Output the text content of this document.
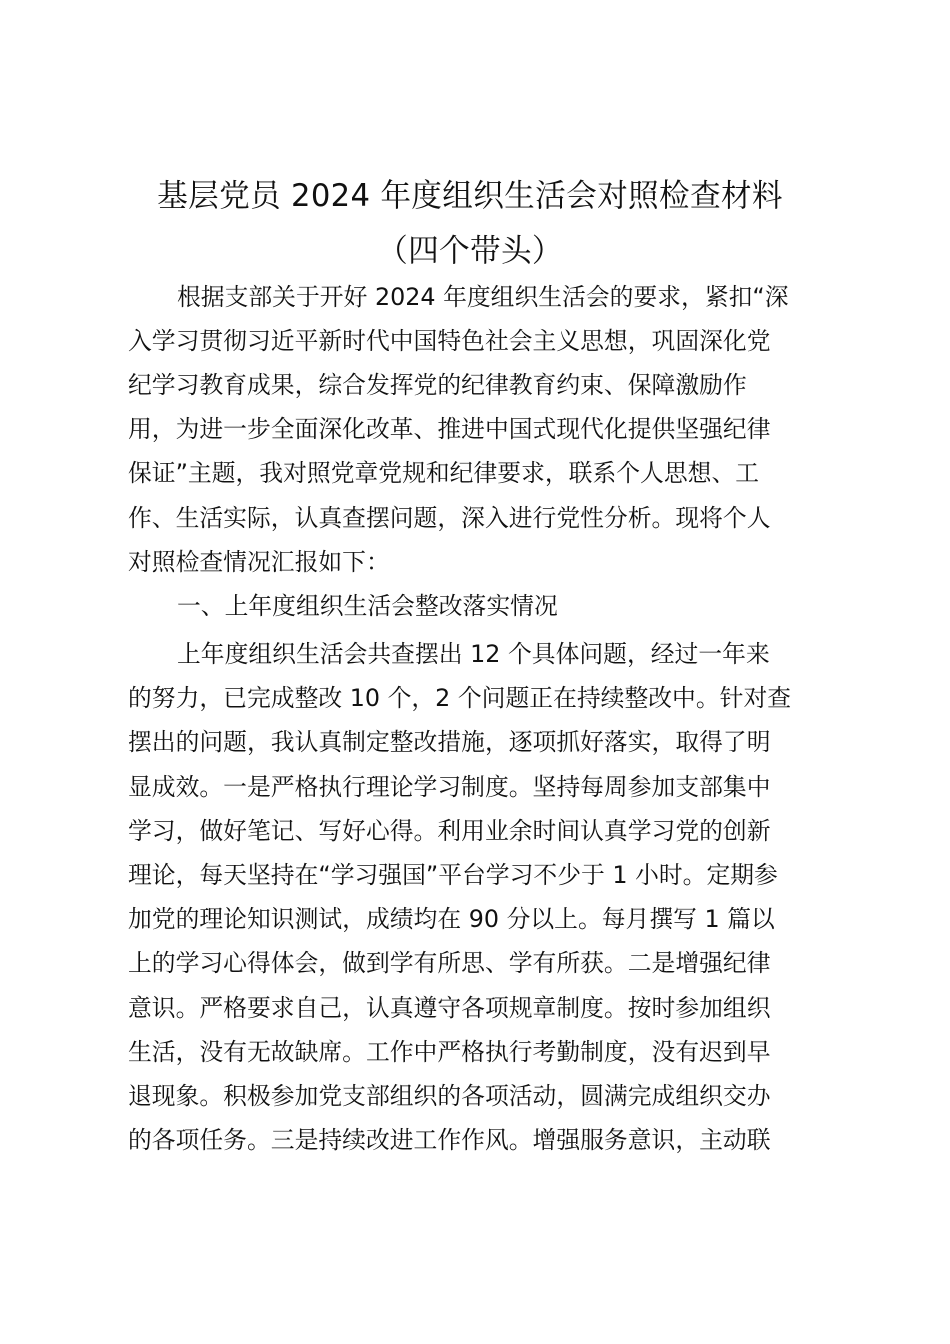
基层党员 2024 年度组织生活会对照检查材料
（四个带头）
根据支部关于开好 2024 年度组织生活会的要求，紧扣“深
入学习贯彻习近平新时代中国特色社会主义思想，巩固深化党
纪学习教育成果，综合发挥党的纪律教育约束、保障激励作
用，为进一步全面深化改革、推进中国式现代化提供坚强纪律
保证”主题，我对照党章党规和纪律要求，联系个人思想、工
作、生活实际，认真查摆问题，深入进行党性分析。现将个人
对照检查情况汇报如下：
一、上年度组织生活会整改落实情况
上年度组织生活会共查摆出 12 个具体问题，经过一年来
的努力，已完成整改 10 个，2 个问题正在持续整改中。针对查
摆出的问题，我认真制定整改措施，逐项抓好落实，取得了明
显成效。一是严格执行理论学习制度。坚持每周参加支部集中
学习，做好笔记、写好心得。利用业余时间认真学习党的创新
理论，每天坚持在“学习强国”平台学习不少于 1 小时。定期参
加党的理论知识测试，成绩均在 90 分以上。每月撰写 1 篇以
上的学习心得体会，做到学有所思、学有所获。二是增强纪律
意识。严格要求自己，认真遵守各项规章制度。按时参加组织
生活，没有无故缺席。工作中严格执行考勤制度，没有迟到早
退现象。积极参加党支部组织的各项活动，圆满完成组织交办
的各项任务。三是持续改进工作作风。增强服务意识，主动联
